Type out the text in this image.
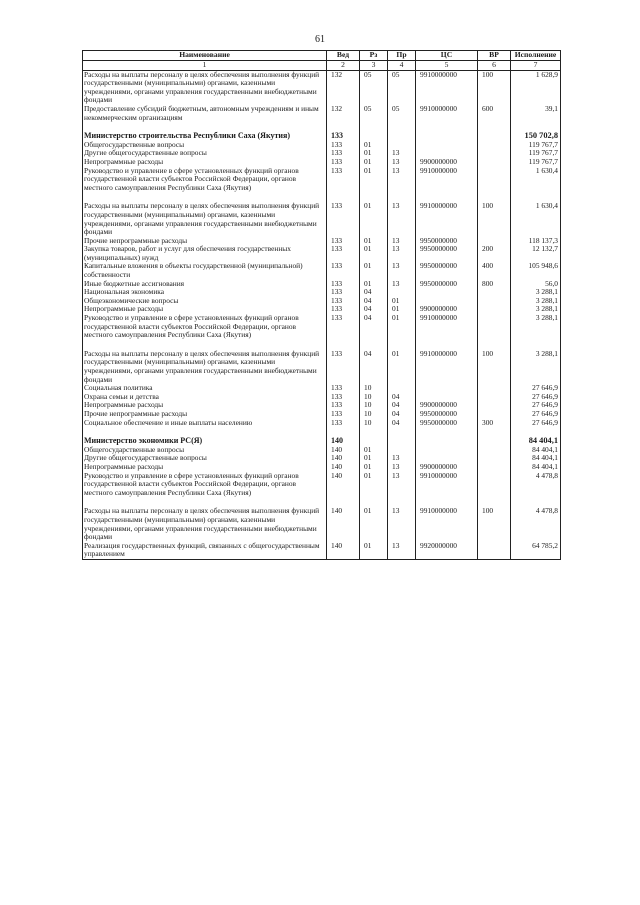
61
Наименование	Вед	Рз	Пр	ЦС	ВР	Исполнение
1	2	3	4	5	6	7
Расходы на выплаты персоналу в целях обеспечения выполнения функций государственными (муниципальными) органами, казенными учреждениями, органами управления государственными внебюджетными фондами	132	05	05	9910000000	100	1 628,9
Предоставление субсидий бюджетным, автономным учреждениям и иным некоммерческим организациям	132	05	05	9910000000	600	39,1

Министерство строительства Республики Саха (Якутия)	133					150 702,8
Общегосударственные вопросы	133	01				119 767,7
Другие общегосударственные вопросы	133	01	13			119 767,7
Непрограммные расходы	133	01	13	9900000000		119 767,7
Руководство и управление в сфере установленных функций органов государственной власти субъектов Российской Федерации, органов местного самоуправления Республики Саха (Якутия)	133	01	13	9910000000		1 630,4

Расходы на выплаты персоналу в целях обеспечения выполнения функций государственными (муниципальными) органами, казенными учреждениями, органами управления государственными внебюджетными фондами	133	01	13	9910000000	100	1 630,4
Прочие непрограммные расходы	133	01	13	9950000000		118 137,3
Закупка товаров, работ и услуг для обеспечения государственных (муниципальных) нужд	133	01	13	9950000000	200	12 132,7
Капитальные вложения в объекты государственной (муниципальной) собственности	133	01	13	9950000000	400	105 948,6
Иные бюджетные ассигнования	133	01	13	9950000000	800	56,0
Национальная экономика	133	04				3 288,1
Общеэкономические вопросы	133	04	01			3 288,1
Непрограммные расходы	133	04	01	9900000000		3 288,1
Руководство и управление в сфере установленных функций органов государственной власти субъектов Российской Федерации, органов местного самоуправления Республики Саха (Якутия)	133	04	01	9910000000		3 288,1

Расходы на выплаты персоналу в целях обеспечения выполнения функций государственными (муниципальными) органами, казенными учреждениями, органами управления государственными внебюджетными фондами	133	04	01	9910000000	100	3 288,1
Социальная политика	133	10				27 646,9
Охрана семьи и детства	133	10	04			27 646,9
Непрограммные расходы	133	10	04	9900000000		27 646,9
Прочие непрограммные расходы	133	10	04	9950000000		27 646,9
Социальное обеспечение и иные выплаты населению	133	10	04	9950000000	300	27 646,9

Министерство экономики РС(Я)	140					84 404,1
Общегосударственные вопросы	140	01				84 404,1
Другие общегосударственные вопросы	140	01	13			84 404,1
Непрограммные расходы	140	01	13	9900000000		84 404,1
Руководство и управление в сфере установленных функций органов государственной власти субъектов Российской Федерации, органов местного самоуправления Республики Саха (Якутия)	140	01	13	9910000000		4 478,8

Расходы на выплаты персоналу в целях обеспечения выполнения функций государственными (муниципальными) органами, казенными учреждениями, органами управления государственными внебюджетными фондами	140	01	13	9910000000	100	4 478,8
Реализация государственных функций, связанных с общегосударственным управлением	140	01	13	9920000000		64 785,2
